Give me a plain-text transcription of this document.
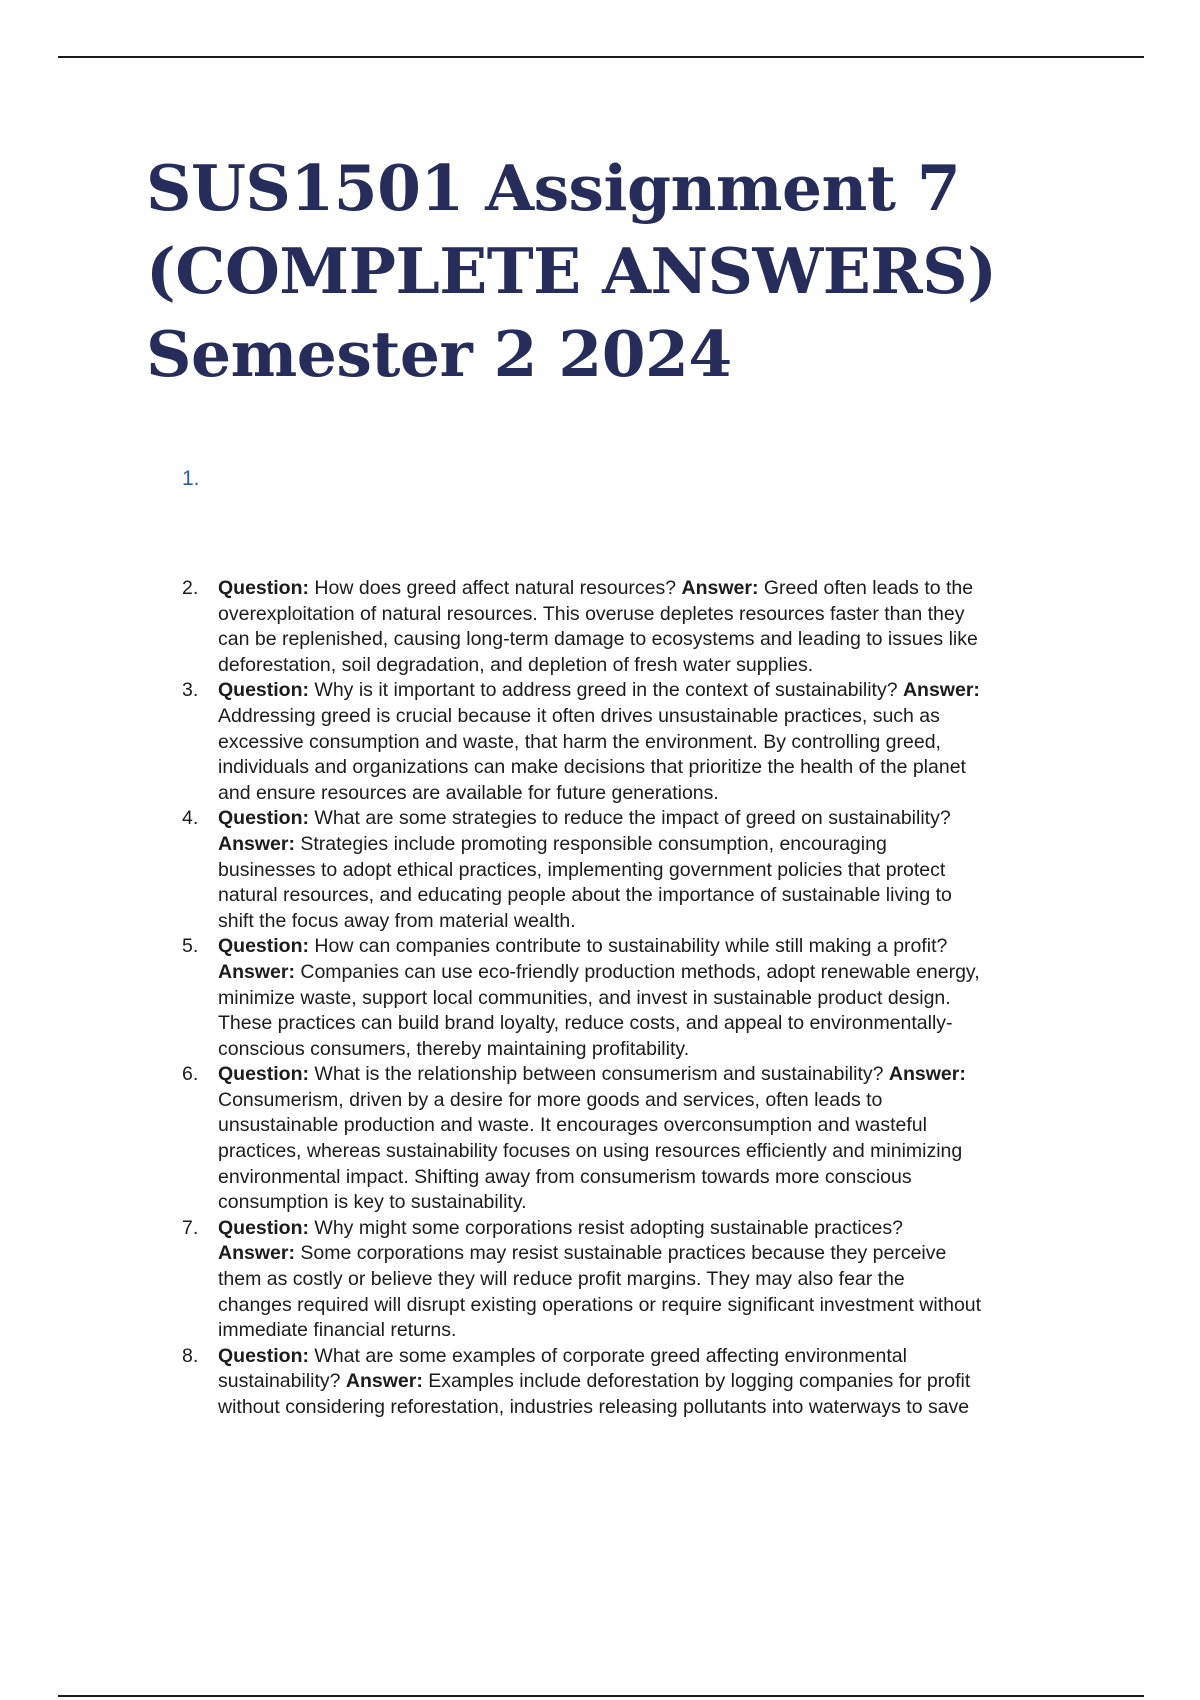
SUS1501 Assignment 7
(COMPLETE ANSWERS)
Semester 2 2024
1.
2. Question: How does greed affect natural resources? Answer: Greed often leads to the
overexploitation of natural resources. This overuse depletes resources faster than they
can be replenished, causing long-term damage to ecosystems and leading to issues like
deforestation, soil degradation, and depletion of fresh water supplies.
3. Question: Why is it important to address greed in the context of sustainability? Answer:
Addressing greed is crucial because it often drives unsustainable practices, such as
excessive consumption and waste, that harm the environment. By controlling greed,
individuals and organizations can make decisions that prioritize the health of the planet
and ensure resources are available for future generations.
4. Question: What are some strategies to reduce the impact of greed on sustainability?
Answer: Strategies include promoting responsible consumption, encouraging
businesses to adopt ethical practices, implementing government policies that protect
natural resources, and educating people about the importance of sustainable living to
shift the focus away from material wealth.
5. Question: How can companies contribute to sustainability while still making a profit?
Answer: Companies can use eco-friendly production methods, adopt renewable energy,
minimize waste, support local communities, and invest in sustainable product design.
These practices can build brand loyalty, reduce costs, and appeal to environmentally-
conscious consumers, thereby maintaining profitability.
6. Question: What is the relationship between consumerism and sustainability? Answer:
Consumerism, driven by a desire for more goods and services, often leads to
unsustainable production and waste. It encourages overconsumption and wasteful
practices, whereas sustainability focuses on using resources efficiently and minimizing
environmental impact. Shifting away from consumerism towards more conscious
consumption is key to sustainability.
7. Question: Why might some corporations resist adopting sustainable practices?
Answer: Some corporations may resist sustainable practices because they perceive
them as costly or believe they will reduce profit margins. They may also fear the
changes required will disrupt existing operations or require significant investment without
immediate financial returns.
8. Question: What are some examples of corporate greed affecting environmental
sustainability? Answer: Examples include deforestation by logging companies for profit
without considering reforestation, industries releasing pollutants into waterways to save
